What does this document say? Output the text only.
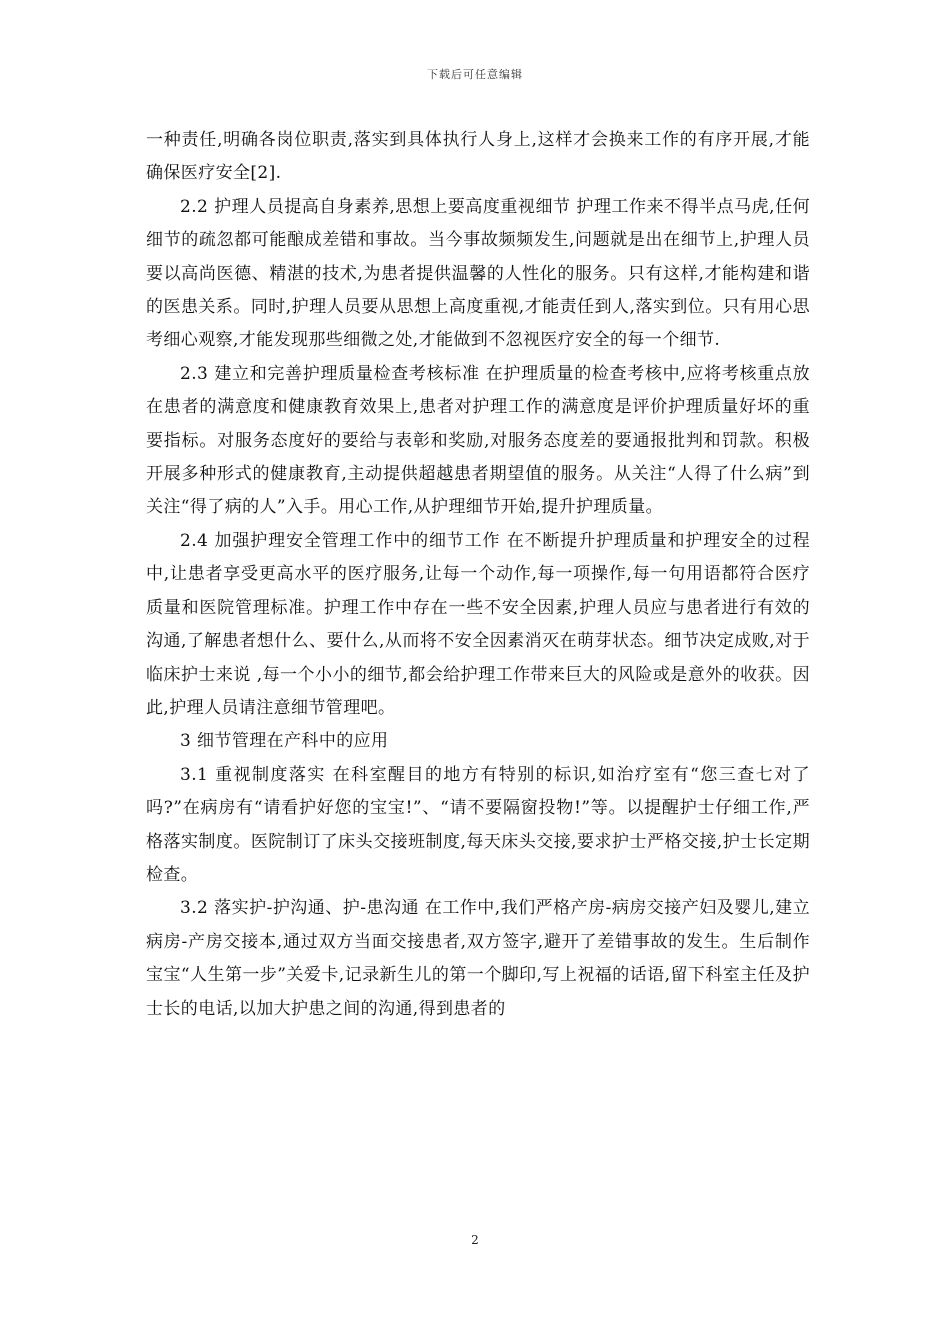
下载后可任意编辑

一种责任,明确各岗位职责,落实到具体执行人身上,这样才会换来工作的有序开展,才能确保医疗安全[2].

2.2 护理人员提高自身素养,思想上要高度重视细节 护理工作来不得半点马虎,任何细节的疏忽都可能酿成差错和事故。当今事故频频发生,问题就是出在细节上,护理人员要以高尚医德、精湛的技术,为患者提供温馨的人性化的服务。只有这样,才能构建和谐的医患关系。同时,护理人员要从思想上高度重视,才能责任到人,落实到位。只有用心思考细心观察,才能发现那些细微之处,才能做到不忽视医疗安全的每一个细节.

2.3 建立和完善护理质量检查考核标准 在护理质量的检查考核中,应将考核重点放在患者的满意度和健康教育效果上,患者对护理工作的满意度是评价护理质量好坏的重要指标。对服务态度好的要给与表彰和奖励,对服务态度差的要通报批判和罚款。积极开展多种形式的健康教育,主动提供超越患者期望值的服务。从关注“人得了什么病”到关注“得了病的人”入手。用心工作,从护理细节开始,提升护理质量。

2.4 加强护理安全管理工作中的细节工作 在不断提升护理质量和护理安全的过程中,让患者享受更高水平的医疗服务,让每一个动作,每一项操作,每一句用语都符合医疗质量和医院管理标准。护理工作中存在一些不安全因素,护理人员应与患者进行有效的沟通,了解患者想什么、要什么,从而将不安全因素消灭在萌芽状态。细节决定成败,对于临床护士来说 ,每一个小小的细节,都会给护理工作带来巨大的风险或是意外的收获。因此,护理人员请注意细节管理吧。

3 细节管理在产科中的应用

3.1 重视制度落实 在科室醒目的地方有特别的标识,如治疗室有“您三查七对了吗?”在病房有“请看护好您的宝宝!”、“请不要隔窗投物!”等。以提醒护士仔细工作,严格落实制度。医院制订了床头交接班制度,每天床头交接,要求护士严格交接,护士长定期检查。

3.2 落实护-护沟通、护-患沟通 在工作中,我们严格产房-病房交接产妇及婴儿,建立病房-产房交接本,通过双方当面交接患者,双方签字,避开了差错事故的发生。生后制作宝宝“人生第一步”关爱卡,记录新生儿的第一个脚印,写上祝福的话语,留下科室主任及护士长的电话,以加大护患之间的沟通,得到患者的

2
